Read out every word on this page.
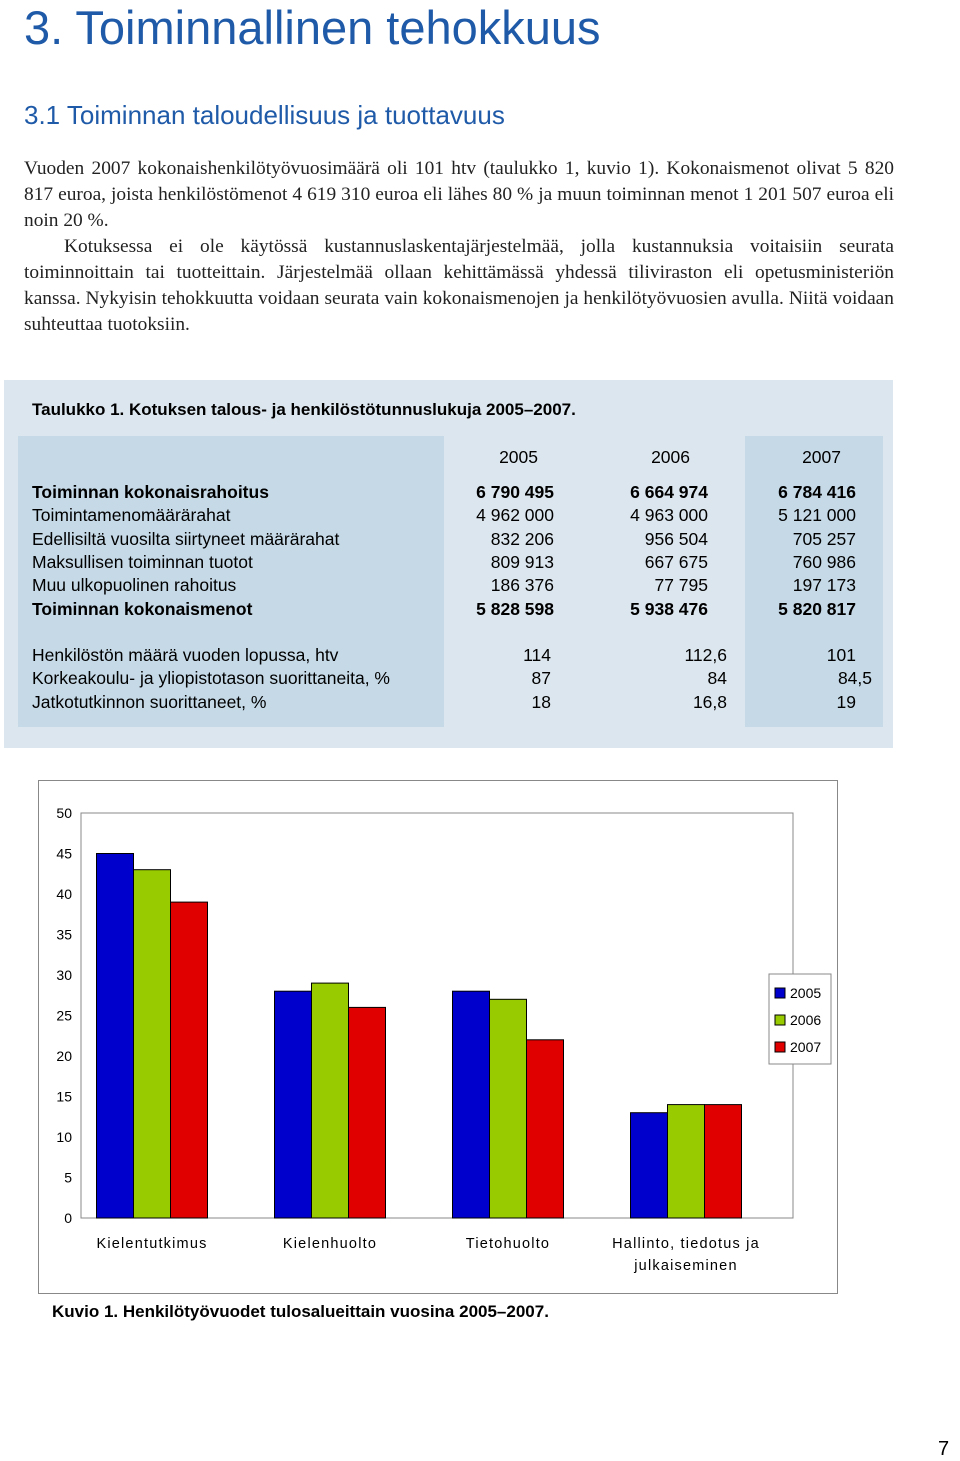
3. Toiminnallinen tehokkuus
3.1 Toiminnan taloudellisuus ja tuottavuus

Vuoden 2007 kokonaishenkilötyövuosimäärä oli 101 htv (taulukko 1, kuvio 1). Kokonaismenot olivat 5 820 817 euroa, joista henkilöstömenot 4 619 310 euroa eli lähes 80 % ja muun toiminnan menot 1 201 507 euroa eli noin 20 %.

Kotuksessa ei ole käytössä kustannuslaskentajärjestelmää, jolla kustannuksia voitaisiin seurata toiminnoittain tai tuotteittain. Järjestelmää ollaan kehittämässä yhdessä tiliviraston eli opetusministeriön kanssa. Nykyisin tehokkuutta voidaan seurata vain kokonaismenojen ja henkilötyövuosien avulla. Niitä voidaan suhteuttaa tuotoksiin.

Taulukko 1. Kotuksen talous- ja henkilöstötunnuslukuja 2005–2007.
2005	2006	2007
Toiminnan kokonaisrahoitus	6 790 495	6 664 974	6 784 416
Toimintamenomäärärahat	4 962 000	4 963 000	5 121 000
Edellisiltä vuosilta siirtyneet määrärahat	832 206	956 504	705 257
Maksullisen toiminnan tuotot	809 913	667 675	760 986
Muu ulkopuolinen rahoitus	186 376	77 795	197 173
Toiminnan kokonaismenot	5 828 598	5 938 476	5 820 817
Henkilöstön määrä vuoden lopussa, htv	114	112,6	101
Korkeakoulu- ja yliopistotason suorittaneita, %	87	84	84,5
Jatkotutkinnon suorittaneet, %	18	16,8	19
0
5
10
15
20
25
30
35
40
45
50
Kielentutkimus	Kielenhuolto	Tietohuolto	Hallinto, tiedotus ja
julkaiseminen
2005
2006
2007
Kuvio 1. Henkilötyövuodet tulosalueittain vuosina 2005–2007.
7
